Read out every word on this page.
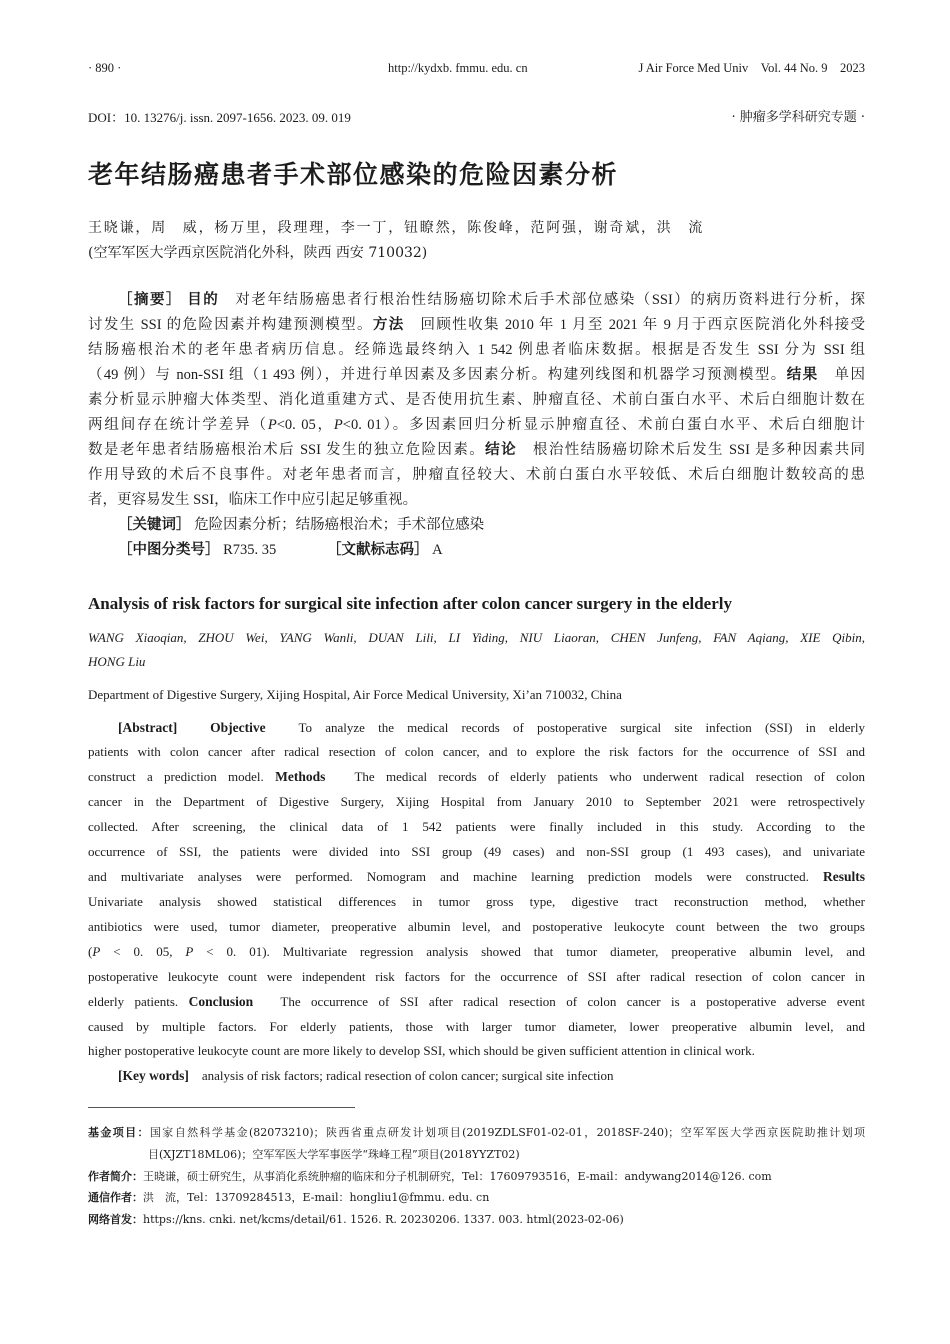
· 890 ·	http://kydxb. fmmu. edu. cn	J Air Force Med Univ　Vol. 44 No. 9　2023
DOI：10. 13276/j. issn. 2097-1656. 2023. 09. 019	· 肿瘤多学科研究专题 ·
老年结肠癌患者手术部位感染的危险因素分析
王晓谦，周　威，杨万里，段理理，李一丁，钮瞭然，陈俊峰，范阿强，谢奇斌，洪　流
(空军军医大学西京医院消化外科，陕西 西安 710032)
［摘要］ 目的　对老年结肠癌患者行根治性结肠癌切除术后手术部位感染（SSI）的病历资料进行分析，探
讨发生 SSI 的危险因素并构建预测模型。方法　回顾性收集 2010 年 1 月至 2021 年 9 月于西京医院消化外科接受
结肠癌根治术的老年患者病历信息。经筛选最终纳入 1 542 例患者临床数据。根据是否发生 SSI 分为 SSI 组
（49 例）与 non-SSI 组（1 493 例），并进行单因素及多因素分析。构建列线图和机器学习预测模型。结果　单因
素分析显示肿瘤大体类型、消化道重建方式、是否使用抗生素、肿瘤直径、术前白蛋白水平、术后白细胞计数在
两组间存在统计学差异（P<0. 05，P<0. 01）。多因素回归分析显示肿瘤直径、术前白蛋白水平、术后白细胞计
数是老年患者结肠癌根治术后 SSI 发生的独立危险因素。结论　根治性结肠癌切除术后发生 SSI 是多种因素共同
作用导致的术后不良事件。对老年患者而言，肿瘤直径较大、术前白蛋白水平较低、术后白细胞计数较高的患
者，更容易发生 SSI，临床工作中应引起足够重视。
［关键词］ 危险因素分析；结肠癌根治术；手术部位感染
［中图分类号］ R735. 35　　　　［文献标志码］ A
Analysis of risk factors for surgical site infection after colon cancer surgery in the elderly
WANG Xiaoqian, ZHOU Wei, YANG Wanli, DUAN Lili, LI Yiding, NIU Liaoran, CHEN Junfeng, FAN Aqiang, XIE Qibin,
HONG Liu
Department of Digestive Surgery, Xijing Hospital, Air Force Medical University, Xi’an 710032, China
[Abstract]　 Objective　To analyze the medical records of postoperative surgical site infection (SSI) in elderly
patients with colon cancer after radical resection of colon cancer, and to explore the risk factors for the occurrence of SSI and
construct a prediction model. Methods　The medical records of elderly patients who underwent radical resection of colon
cancer in the Department of Digestive Surgery, Xijing Hospital from January 2010 to September 2021 were retrospectively
collected. After screening, the clinical data of 1 542 patients were finally included in this study. According to the
occurrence of SSI, the patients were divided into SSI group (49 cases) and non-SSI group (1 493 cases), and univariate
and multivariate analyses were performed. Nomogram and machine learning prediction models were constructed. Results
Univariate analysis showed statistical differences in tumor gross type, digestive tract reconstruction method, whether
antibiotics were used, tumor diameter, preoperative albumin level, and postoperative leukocyte count between the two groups
(P < 0. 05, P < 0. 01). Multivariate regression analysis showed that tumor diameter, preoperative albumin level, and
postoperative leukocyte count were independent risk factors for the occurrence of SSI after radical resection of colon cancer in
elderly patients. Conclusion　The occurrence of SSI after radical resection of colon cancer is a postoperative adverse event
caused by multiple factors. For elderly patients, those with larger tumor diameter, lower preoperative albumin level, and
higher postoperative leukocyte count are more likely to develop SSI, which should be given sufficient attention in clinical work.
[Key words]　analysis of risk factors; radical resection of colon cancer; surgical site infection
基金项目：国家自然科学基金(82073210)；陕西省重点研发计划项目(2019ZDLSF01-02-01，2018SF-240)；空军军医大学西京医院助推计划项
目(XJZT18ML06)；空军军医大学军事医学“珠峰工程”项目(2018YYZT02)
作者简介：王晓谦，硕士研究生，从事消化系统肿瘤的临床和分子机制研究，Tel：17609793516，E-mail：andywang2014@126. com
通信作者：洪　流，Tel：13709284513，E-mail：hongliu1@fmmu. edu. cn
网络首发：https://kns. cnki. net/kcms/detail/61. 1526. R. 20230206. 1337. 003. html(2023-02-06)
